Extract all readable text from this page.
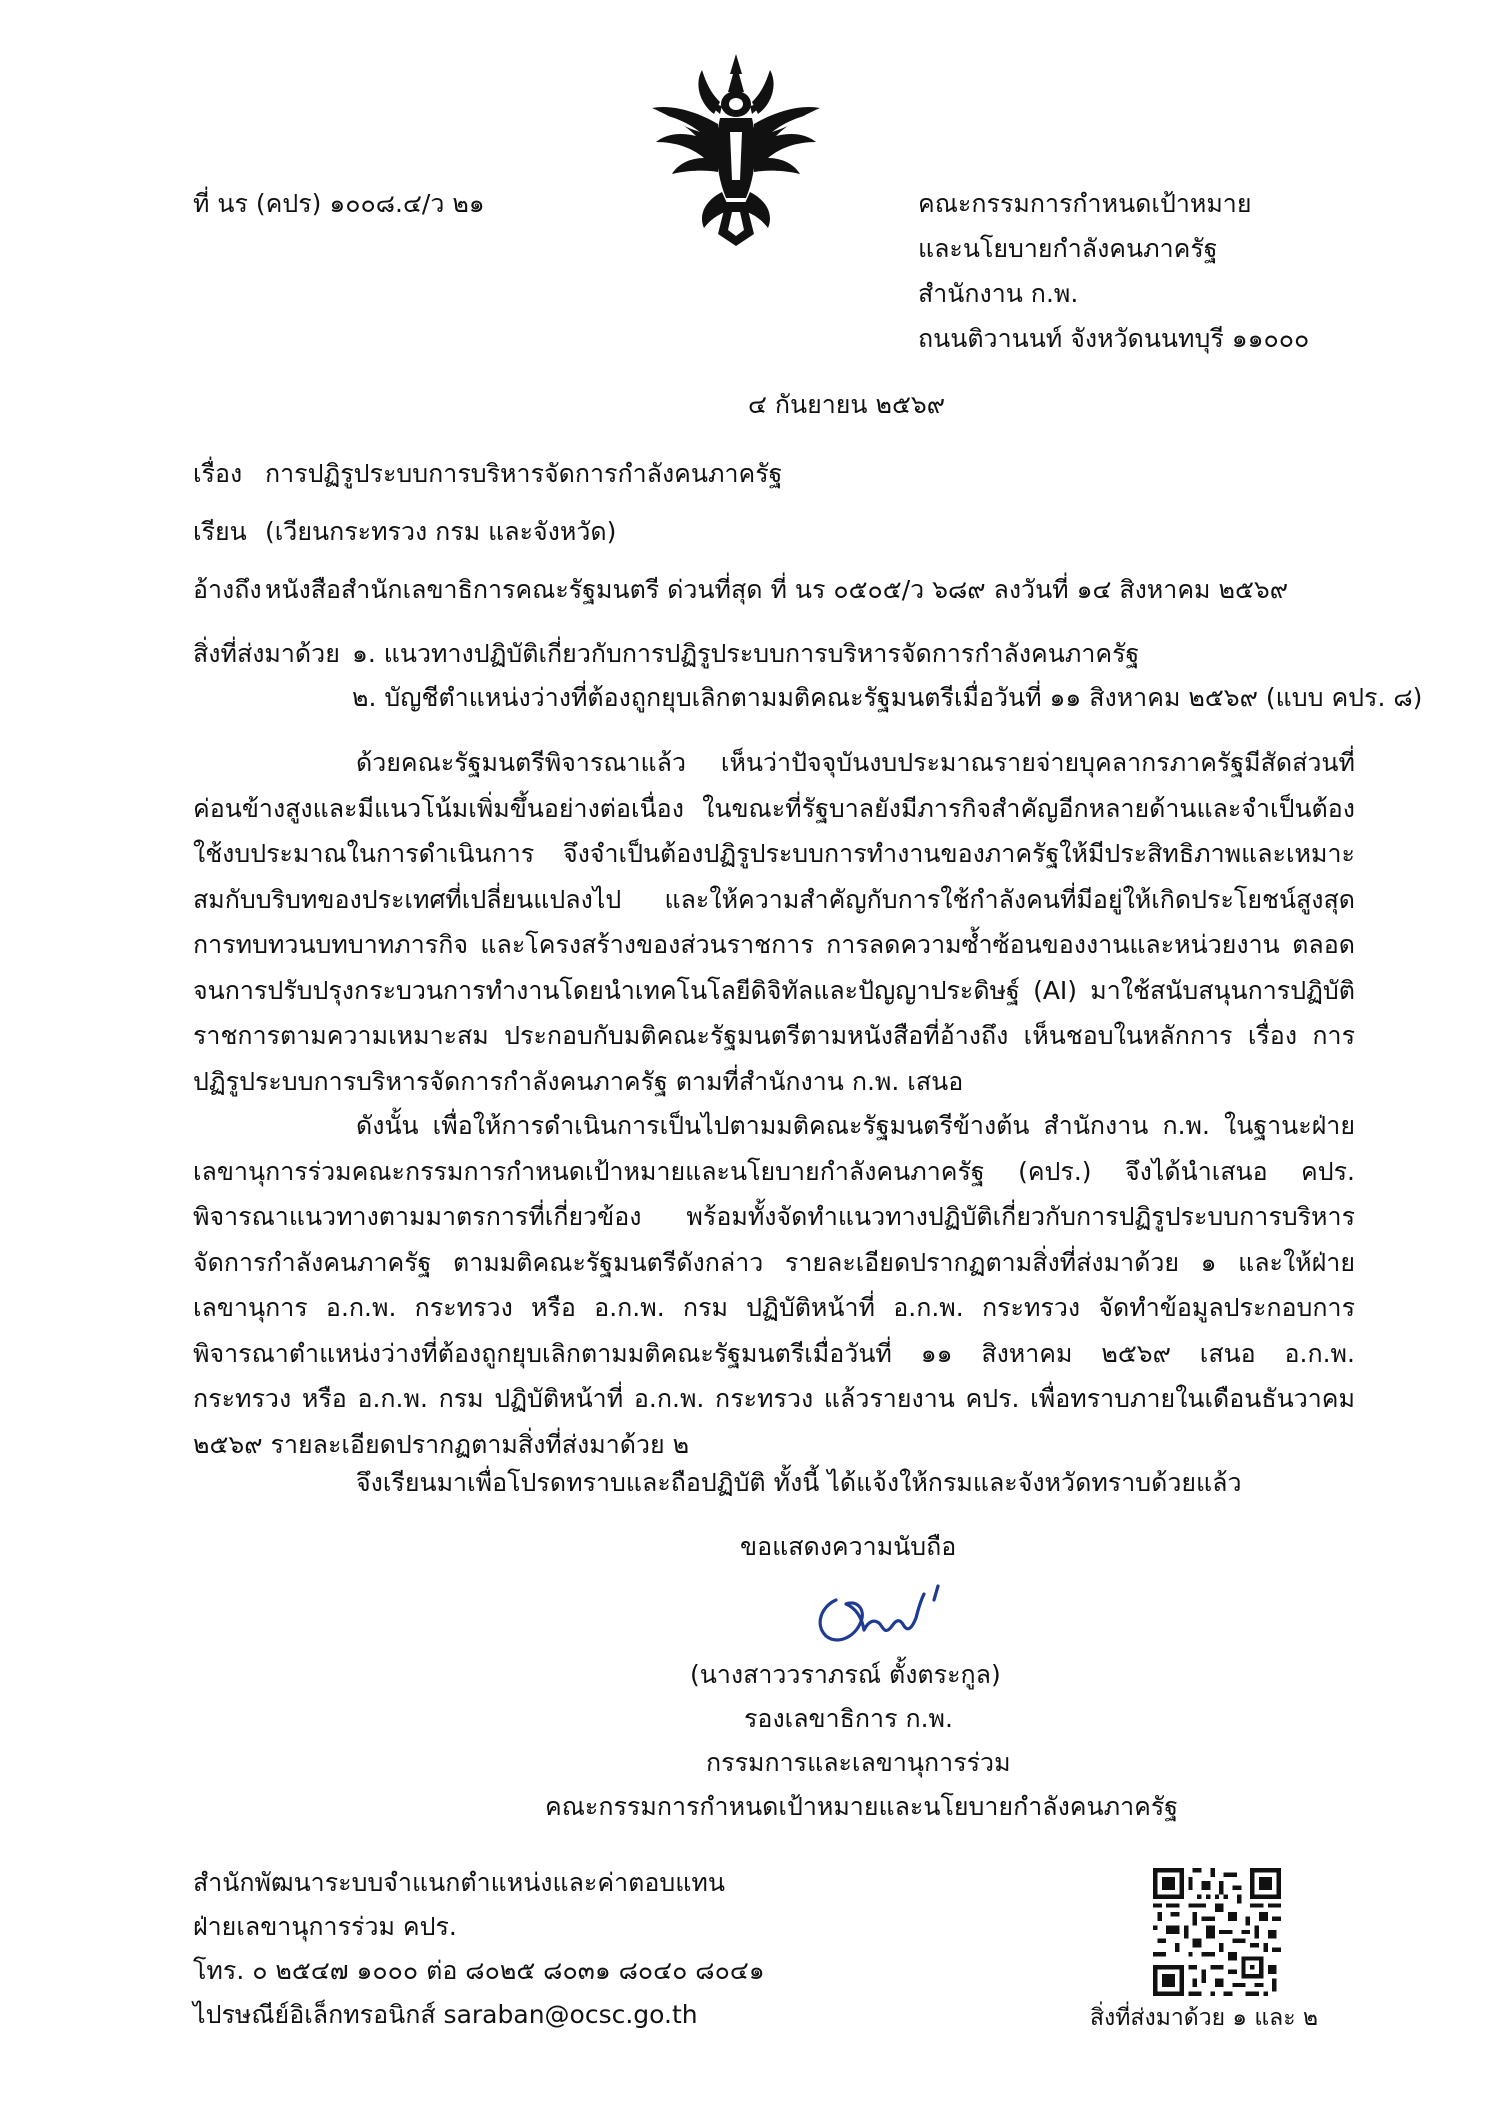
ที่ นร (คปร) ๑๐๐๘.๔/ว ๒๑	คณะกรรมการกำหนดเป้าหมาย
และนโยบายกำลังคนภาครัฐ
สำนักงาน ก.พ.
ถนนติวานนท์ จังหวัดนนทบุรี ๑๑๐๐๐
๔ กันยายน ๒๕๖๙
เรื่อง การปฏิรูประบบการบริหารจัดการกำลังคนภาครัฐ
เรียน (เวียนกระทรวง กรม และจังหวัด)
อ้างถึง หนังสือสำนักเลขาธิการคณะรัฐมนตรี ด่วนที่สุด ที่ นร ๐๕๐๕/ว ๖๘๙ ลงวันที่ ๑๔ สิงหาคม ๒๕๖๙
สิ่งที่ส่งมาด้วย ๑. แนวทางปฏิบัติเกี่ยวกับการปฏิรูประบบการบริหารจัดการกำลังคนภาครัฐ
๒. บัญชีตำแหน่งว่างที่ต้องถูกยุบเลิกตามมติคณะรัฐมนตรีเมื่อวันที่ ๑๑ สิงหาคม ๒๕๖๙ (แบบ คปร. ๘)

ด้วยคณะรัฐมนตรีพิจารณาแล้ว เห็นว่าปัจจุบันงบประมาณรายจ่ายบุคลากรภาครัฐมีสัดส่วนที่ค่อนข้างสูงและมีแนวโน้มเพิ่มขึ้นอย่างต่อเนื่อง ในขณะที่รัฐบาลยังมีภารกิจสำคัญอีกหลายด้านและจำเป็นต้องใช้งบประมาณในการดำเนินการ จึงจำเป็นต้องปฏิรูประบบการทำงานของภาครัฐให้มีประสิทธิภาพและเหมาะสมกับบริบทของประเทศที่เปลี่ยนแปลงไป และให้ความสำคัญกับการใช้กำลังคนที่มีอยู่ให้เกิดประโยชน์สูงสุด การทบทวนบทบาทภารกิจ และโครงสร้างของส่วนราชการ การลดความซ้ำซ้อนของงานและหน่วยงาน ตลอดจนการปรับปรุงกระบวนการทำงานโดยนำเทคโนโลยีดิจิทัลและปัญญาประดิษฐ์ (AI) มาใช้สนับสนุนการปฏิบัติราชการตามความเหมาะสม ประกอบกับมติคณะรัฐมนตรีตามหนังสือที่อ้างถึง เห็นชอบในหลักการ เรื่อง การปฏิรูประบบการบริหารจัดการกำลังคนภาครัฐ ตามที่สำนักงาน ก.พ. เสนอ

ดังนั้น เพื่อให้การดำเนินการเป็นไปตามมติคณะรัฐมนตรีข้างต้น สำนักงาน ก.พ. ในฐานะฝ่ายเลขานุการร่วมคณะกรรมการกำหนดเป้าหมายและนโยบายกำลังคนภาครัฐ (คปร.) จึงได้นำเสนอ คปร. พิจารณาแนวทางตามมาตรการที่เกี่ยวข้อง พร้อมทั้งจัดทำแนวทางปฏิบัติเกี่ยวกับการปฏิรูประบบการบริหารจัดการกำลังคนภาครัฐ ตามมติคณะรัฐมนตรีดังกล่าว รายละเอียดปรากฏตามสิ่งที่ส่งมาด้วย ๑ และให้ฝ่ายเลขานุการ อ.ก.พ. กระทรวง หรือ อ.ก.พ. กรม ปฏิบัติหน้าที่ อ.ก.พ. กระทรวง จัดทำข้อมูลประกอบการพิจารณาตำแหน่งว่างที่ต้องถูกยุบเลิกตามมติคณะรัฐมนตรีเมื่อวันที่ ๑๑ สิงหาคม ๒๕๖๙ เสนอ อ.ก.พ. กระทรวง หรือ อ.ก.พ. กรม ปฏิบัติหน้าที่ อ.ก.พ. กระทรวง แล้วรายงาน คปร. เพื่อทราบภายในเดือนธันวาคม ๒๕๖๙ รายละเอียดปรากฏตามสิ่งที่ส่งมาด้วย ๒

จึงเรียนมาเพื่อโปรดทราบและถือปฏิบัติ ทั้งนี้ ได้แจ้งให้กรมและจังหวัดทราบด้วยแล้ว
ขอแสดงความนับถือ
(นางสาววราภรณ์ ตั้งตระกูล)
รองเลขาธิการ ก.พ.
กรรมการและเลขานุการร่วม
คณะกรรมการกำหนดเป้าหมายและนโยบายกำลังคนภาครัฐ
สำนักพัฒนาระบบจำแนกตำแหน่งและค่าตอบแทน
ฝ่ายเลขานุการร่วม คปร.
โทร. ๐ ๒๕๔๗ ๑๐๐๐ ต่อ ๘๐๒๕ ๘๐๓๑ ๘๐๔๐ ๘๐๔๑
ไปรษณีย์อิเล็กทรอนิกส์ saraban@ocsc.go.th	สิ่งที่ส่งมาด้วย ๑ และ ๒
